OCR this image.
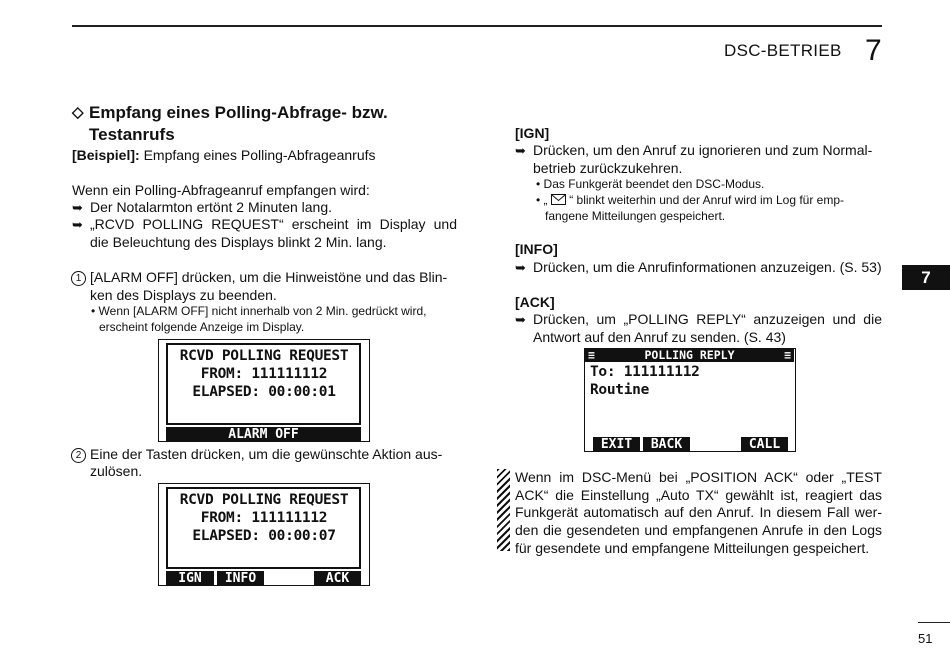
DSC-BETRIEB 7
7
51
◇ Empfang eines Polling-Abfrage- bzw.
Testanrufs
[Beispiel]: Empfang eines Polling-Abfrageanrufs
Wenn ein Polling-Abfrageanruf empfangen wird:
➥ Der Notalarmton ertönt 2 Minuten lang.
➥ „RCVD POLLING REQUEST“ erscheint im Display und
die Beleuchtung des Displays blinkt 2 Min. lang.
1 [ALARM OFF] drücken, um die Hinweistöne und das Blin-
ken des Displays zu beenden.
• Wenn [ALARM OFF] nicht innerhalb von 2 Min. gedrückt wird,
erscheint folgende Anzeige im Display.
RCVD POLLING REQUEST
FROM: 111111112
ELAPSED: 00:00:01
ALARM OFF
2 Eine der Tasten drücken, um die gewünschte Aktion aus-
zulösen.
RCVD POLLING REQUEST
FROM: 111111112
ELAPSED: 00:00:07
IGN	INFO	ACK
[IGN]
➥ Drücken, um den Anruf zu ignorieren und zum Normal-
betrieb zurückzukehren.
• Das Funkgerät beendet den DSC-Modus.
• „ “ blinkt weiterhin und der Anruf wird im Log für emp-
fangene Mitteilungen gespeichert.
[INFO]
➥ Drücken, um die Anrufinformationen anzuzeigen. (S. 53)
[ACK]
➥ Drücken, um „POLLING REPLY“ anzuzeigen und die
Antwort auf den Anruf zu senden. (S. 43)
≡	POLLING REPLY	≡
To: 111111112
Routine
EXIT	BACK	CALL
Wenn im DSC-Menü bei „POSITION ACK“ oder „TEST
ACK“ die Einstellung „Auto TX“ gewählt ist, reagiert das
Funkgerät automatisch auf den Anruf. In diesem Fall wer-
den die gesendeten und empfangenen Anrufe in den Logs
für gesendete und empfangene Mitteilungen gespeichert.
